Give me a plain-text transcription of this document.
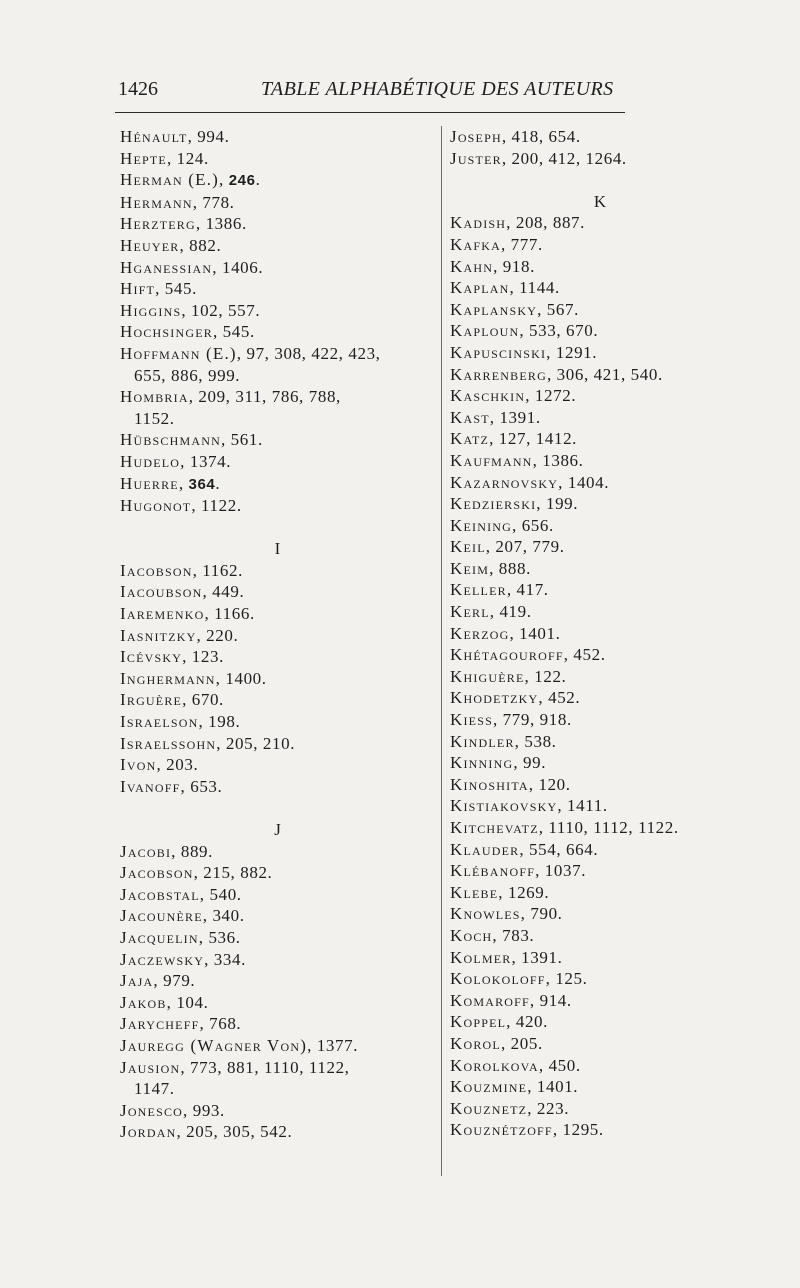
1426	TABLE ALPHABÉTIQUE DES AUTEURS
Hénault, 994.
Hepte, 124.
Herman (E.), 246.
Hermann, 778.
Herzterg, 1386.
Heuyer, 882.
Hganessian, 1406.
Hift, 545.
Higgins, 102, 557.
Hochsinger, 545.
Hoffmann (E.), 97, 308, 422, 423,
655, 886, 999.
Hombria, 209, 311, 786, 788,
1152.
Hübschmann, 561.
Hudelo, 1374.
Huerre, 364.
Hugonot, 1122.
I
Iacobson, 1162.
Iacoubson, 449.
Iaremenko, 1166.
Iasnitzky, 220.
Icévsky, 123.
Inghermann, 1400.
Irguère, 670.
Israelson, 198.
Israelssohn, 205, 210.
Ivon, 203.
Ivanoff, 653.
J
Jacobi, 889.
Jacobson, 215, 882.
Jacobstal, 540.
Jacounère, 340.
Jacquelin, 536.
Jaczewsky, 334.
Jaja, 979.
Jakob, 104.
Jarycheff, 768.
Jauregg (Wagner Von), 1377.
Jausion, 773, 881, 1110, 1122,
1147.
Jonesco, 993.
Jordan, 205, 305, 542.
Joseph, 418, 654.
Juster, 200, 412, 1264.
K
Kadish, 208, 887.
Kafka, 777.
Kahn, 918.
Kaplan, 1144.
Kaplansky, 567.
Kaploun, 533, 670.
Kapuscinski, 1291.
Karrenberg, 306, 421, 540.
Kaschkin, 1272.
Kast, 1391.
Katz, 127, 1412.
Kaufmann, 1386.
Kazarnovsky, 1404.
Kedzierski, 199.
Keining, 656.
Keil, 207, 779.
Keim, 888.
Keller, 417.
Kerl, 419.
Kerzog, 1401.
Khétagouroff, 452.
Khiguère, 122.
Khodetzky, 452.
Kiess, 779, 918.
Kindler, 538.
Kinning, 99.
Kinoshita, 120.
Kistiakovsky, 1411.
Kitchevatz, 1110, 1112, 1122.
Klauder, 554, 664.
Klébanoff, 1037.
Klebe, 1269.
Knowles, 790.
Koch, 783.
Kolmer, 1391.
Kolokoloff, 125.
Komaroff, 914.
Koppel, 420.
Korol, 205.
Korolkova, 450.
Kouzmine, 1401.
Kouznetz, 223.
Kouznétzoff, 1295.
